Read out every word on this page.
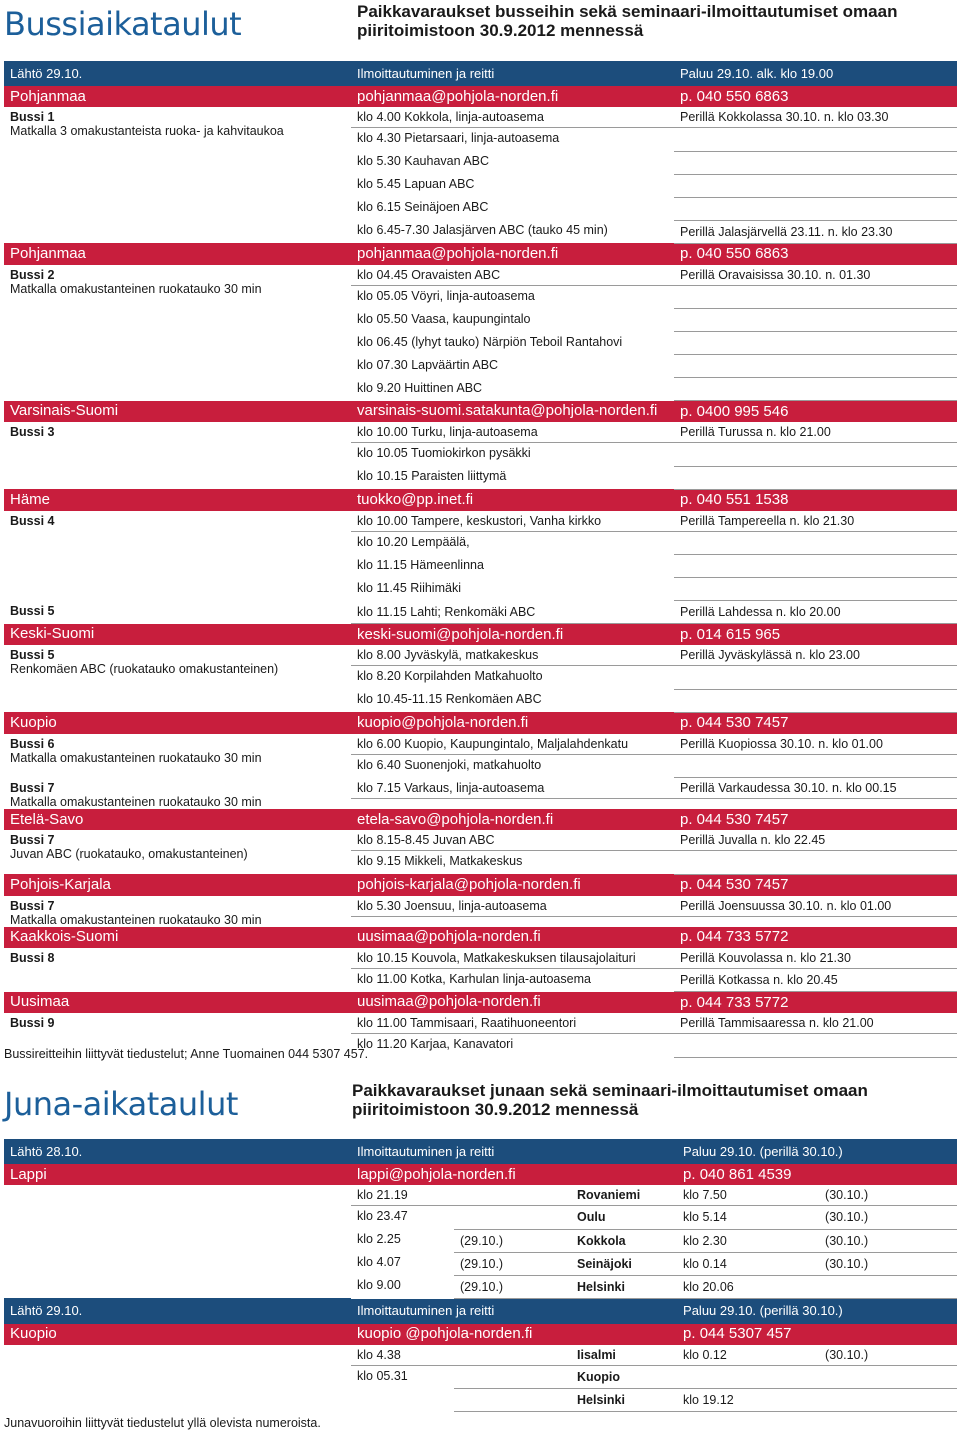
Bussiaikataulut	Paikkavaraukset busseihin sekä seminaari-ilmoittautumiset omaan
piiritoimistoon 30.9.2012 mennessä
Lähtö 29.10.	Ilmoittautuminen ja reitti	Paluu 29.10. alk. klo 19.00
Pohjanmaa	pohjanmaa@pohjola-norden.fi	p. 040 550 6863

Bussi 1
Matkalla 3 omakustanteista ruoka- ja kahvitaukoa	klo 4.00 Kokkola, linja-autoasema	Perillä Kokkolassa 30.10. n. klo 03.30
	klo 4.30 Pietarsaari, linja-autoasema	
	klo 5.30 Kauhavan ABC	
	klo 5.45 Lapuan ABC	
	klo 6.15 Seinäjoen ABC	
	klo 6.45-7.30 Jalasjärven ABC (tauko 45 min)	Perillä Jalasjärvellä 23.11. n. klo 23.30
Pohjanmaa	pohjanmaa@pohjola-norden.fi	p. 040 550 6863

Bussi 2
Matkalla omakustanteinen ruokatauko 30 min	klo 04.45 Oravaisten ABC	Perillä Oravaisissa 30.10. n. 01.30
	klo 05.05 Vöyri, linja-autoasema	
	klo 05.50 Vaasa, kaupungintalo	
	klo 06.45 (lyhyt tauko) Närpiön Teboil Rantahovi	
	klo 07.30 Lapväärtin ABC	
	klo 9.20 Huittinen ABC	
Varsinais-Suomi	varsinais-suomi.satakunta@pohjola-norden.fi	p. 0400 995 546

Bussi 3	klo 10.00 Turku, linja-autoasema	Perillä Turussa n. klo 21.00
	klo 10.05 Tuomiokirkon pysäkki	
	klo 10.15 Paraisten liittymä	
Häme	tuokko@pp.inet.fi	p. 040 551 1538

Bussi 4	klo 10.00 Tampere, keskustori, Vanha kirkko	Perillä Tampereella n. klo 21.30
	klo 10.20 Lempäälä,	
	klo 11.15 Hämeenlinna	
	klo 11.45 Riihimäki	

Bussi 5	klo 11.15 Lahti; Renkomäki ABC	Perillä Lahdessa n. klo 20.00
Keski-Suomi	keski-suomi@pohjola-norden.fi	p. 014 615 965

Bussi 5
Renkomäen ABC (ruokatauko omakustanteinen)	klo 8.00 Jyväskylä, matkakeskus	Perillä Jyväskylässä n. klo 23.00
	klo 8.20 Korpilahden Matkahuolto	
	klo 10.45-11.15 Renkomäen ABC	
Kuopio	kuopio@pohjola-norden.fi	p. 044 530 7457

Bussi 6
Matkalla omakustanteinen ruokatauko 30 min	klo 6.00 Kuopio, Kaupungintalo, Maljalahdenkatu	Perillä Kuopiossa 30.10. n. klo 01.00
	klo 6.40 Suonenjoki, matkahuolto	

Bussi 7
Matkalla omakustanteinen ruokatauko 30 min	klo 7.15 Varkaus, linja-autoasema	Perillä Varkaudessa 30.10. n. klo 00.15

Etelä-Savo	etela-savo@pohjola-norden.fi	p. 044 530 7457

Bussi 7
Juvan ABC (ruokatauko, omakustanteinen)	klo 8.15-8.45 Juvan ABC	Perillä Juvalla n. klo 22.45
	klo 9.15 Mikkeli, Matkakeskus	
Pohjois-Karjala	pohjois-karjala@pohjola-norden.fi	p. 044 530 7457

Bussi 7
Matkalla omakustanteinen ruokatauko 30 min	klo 5.30 Joensuu, linja-autoasema	Perillä Joensuussa 30.10. n. klo 01.00

Kaakkois-Suomi	uusimaa@pohjola-norden.fi	p. 044 733 5772

Bussi 8	klo 10.15 Kouvola, Matkakeskuksen tilausajolaituri	Perillä Kouvolassa n. klo 21.30
	klo 11.00 Kotka, Karhulan linja-autoasema	Perillä Kotkassa n. klo 20.45
Uusimaa	uusimaa@pohjola-norden.fi	p. 044 733 5772

Bussi 9	klo 11.00 Tammisaari, Raatihuoneentori	Perillä Tammisaaressa n. klo 21.00
	klo 11.20 Karjaa, Kanavatori	

Bussireitteihin liittyvät tiedustelut; Anne Tuomainen 044 5307 457.

Juna-aikataulut	Paikkavaraukset junaan sekä seminaari-ilmoittautumiset omaan
piiritoimistoon 30.9.2012 mennessä
Lähtö 28.10.	Ilmoittautuminen ja reitti			Paluu 29.10. (perillä 30.10.)	
Lappi	lappi@pohjola-norden.fi			p. 040 861 4539	
	klo 21.19		Rovaniemi	klo 7.50	(30.10.)
	klo 23.47		Oulu	klo 5.14	(30.10.)
	klo 2.25	(29.10.)	Kokkola	klo 2.30	(30.10.)
	klo 4.07	(29.10.)	Seinäjoki	klo 0.14	(30.10.)
	klo 9.00	(29.10.)	Helsinki	klo 20.06	
Lähtö 29.10.	Ilmoittautuminen ja reitti			Paluu 29.10. (perillä 30.10.)	
Kuopio	kuopio @pohjola-norden.fi			p. 044 5307 457	
	klo 4.38		Iisalmi	klo 0.12	(30.10.)
	klo 05.31		Kuopio		
			Helsinki	klo 19.12	

Junavuoroihin liittyvät tiedustelut yllä olevista numeroista.
